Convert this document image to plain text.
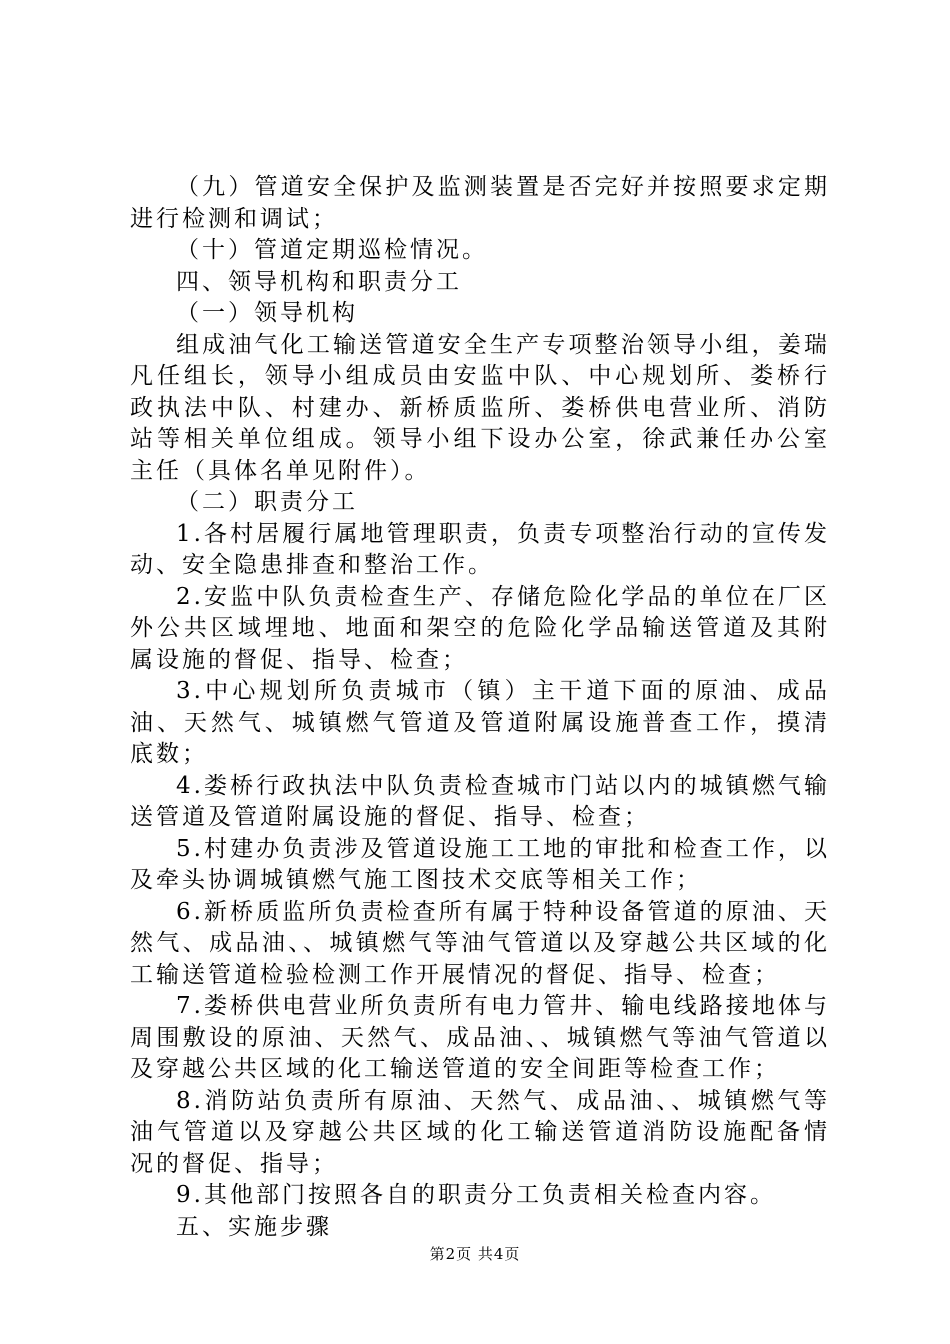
（九）管道安全保护及监测装置是否完好并按照要求定期进行检测和调试；

（十）管道定期巡检情况。

四、领导机构和职责分工

（一）领导机构

组成油气化工输送管道安全生产专项整治领导小组，姜瑞凡任组长，领导小组成员由安监中队、中心规划所、娄桥行政执法中队、村建办、新桥质监所、娄桥供电营业所、消防站等相关单位组成。领导小组下设办公室，徐武兼任办公室主任（具体名单见附件）。

（二）职责分工

1.各村居履行属地管理职责，负责专项整治行动的宣传发动、安全隐患排查和整治工作。

2.安监中队负责检查生产、存储危险化学品的单位在厂区外公共区域埋地、地面和架空的危险化学品输送管道及其附属设施的督促、指导、检查；

3.中心规划所负责城市（镇）主干道下面的原油、成品油、天然气、城镇燃气管道及管道附属设施普查工作，摸清底数；

4.娄桥行政执法中队负责检查城市门站以内的城镇燃气输送管道及管道附属设施的督促、指导、检查；

5.村建办负责涉及管道设施工工地的审批和检查工作，以及牵头协调城镇燃气施工图技术交底等相关工作；

6.新桥质监所负责检查所有属于特种设备管道的原油、天然气、成品油、、城镇燃气等油气管道以及穿越公共区域的化工输送管道检验检测工作开展情况的督促、指导、检查；

7.娄桥供电营业所负责所有电力管井、输电线路接地体与周围敷设的原油、天然气、成品油、、城镇燃气等油气管道以及穿越公共区域的化工输送管道的安全间距等检查工作；

8.消防站负责所有原油、天然气、成品油、、城镇燃气等油气管道以及穿越公共区域的化工输送管道消防设施配备情况的督促、指导；

9.其他部门按照各自的职责分工负责相关检查内容。

五、实施步骤

第2页 共4页
